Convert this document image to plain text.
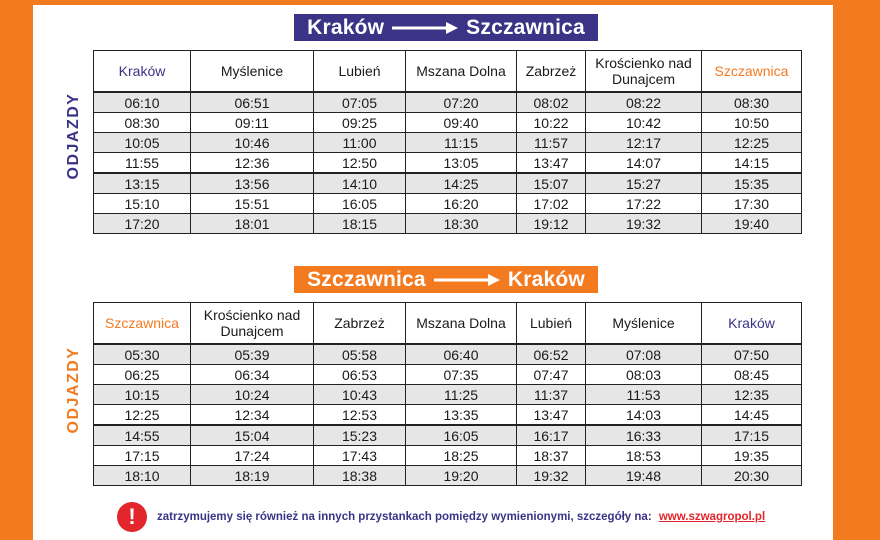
Kraków	Szczawnica
ODJAZDY
Kraków	Myślenice	Lubień	Mszana Dolna	Zabrzeż	Krościenko nad Dunajcem	Szczawnica
06:10	06:51	07:05	07:20	08:02	08:22	08:30
08:30	09:11	09:25	09:40	10:22	10:42	10:50
10:05	10:46	11:00	11:15	11:57	12:17	12:25
11:55	12:36	12:50	13:05	13:47	14:07	14:15
13:15	13:56	14:10	14:25	15:07	15:27	15:35
15:10	15:51	16:05	16:20	17:02	17:22	17:30
17:20	18:01	18:15	18:30	19:12	19:32	19:40
Szczawnica	Kraków
ODJAZDY
Szczawnica	Krościenko nad Dunajcem	Zabrzeż	Mszana Dolna	Lubień	Myślenice	Kraków
05:30	05:39	05:58	06:40	06:52	07:08	07:50
06:25	06:34	06:53	07:35	07:47	08:03	08:45
10:15	10:24	10:43	11:25	11:37	11:53	12:35
12:25	12:34	12:53	13:35	13:47	14:03	14:45
14:55	15:04	15:23	16:05	16:17	16:33	17:15
17:15	17:24	17:43	18:25	18:37	18:53	19:35
18:10	18:19	18:38	19:20	19:32	19:48	20:30
!	zatrzymujemy się również na innych przystankach pomiędzy wymienionymi, szczegóły na: www.szwagropol.pl
